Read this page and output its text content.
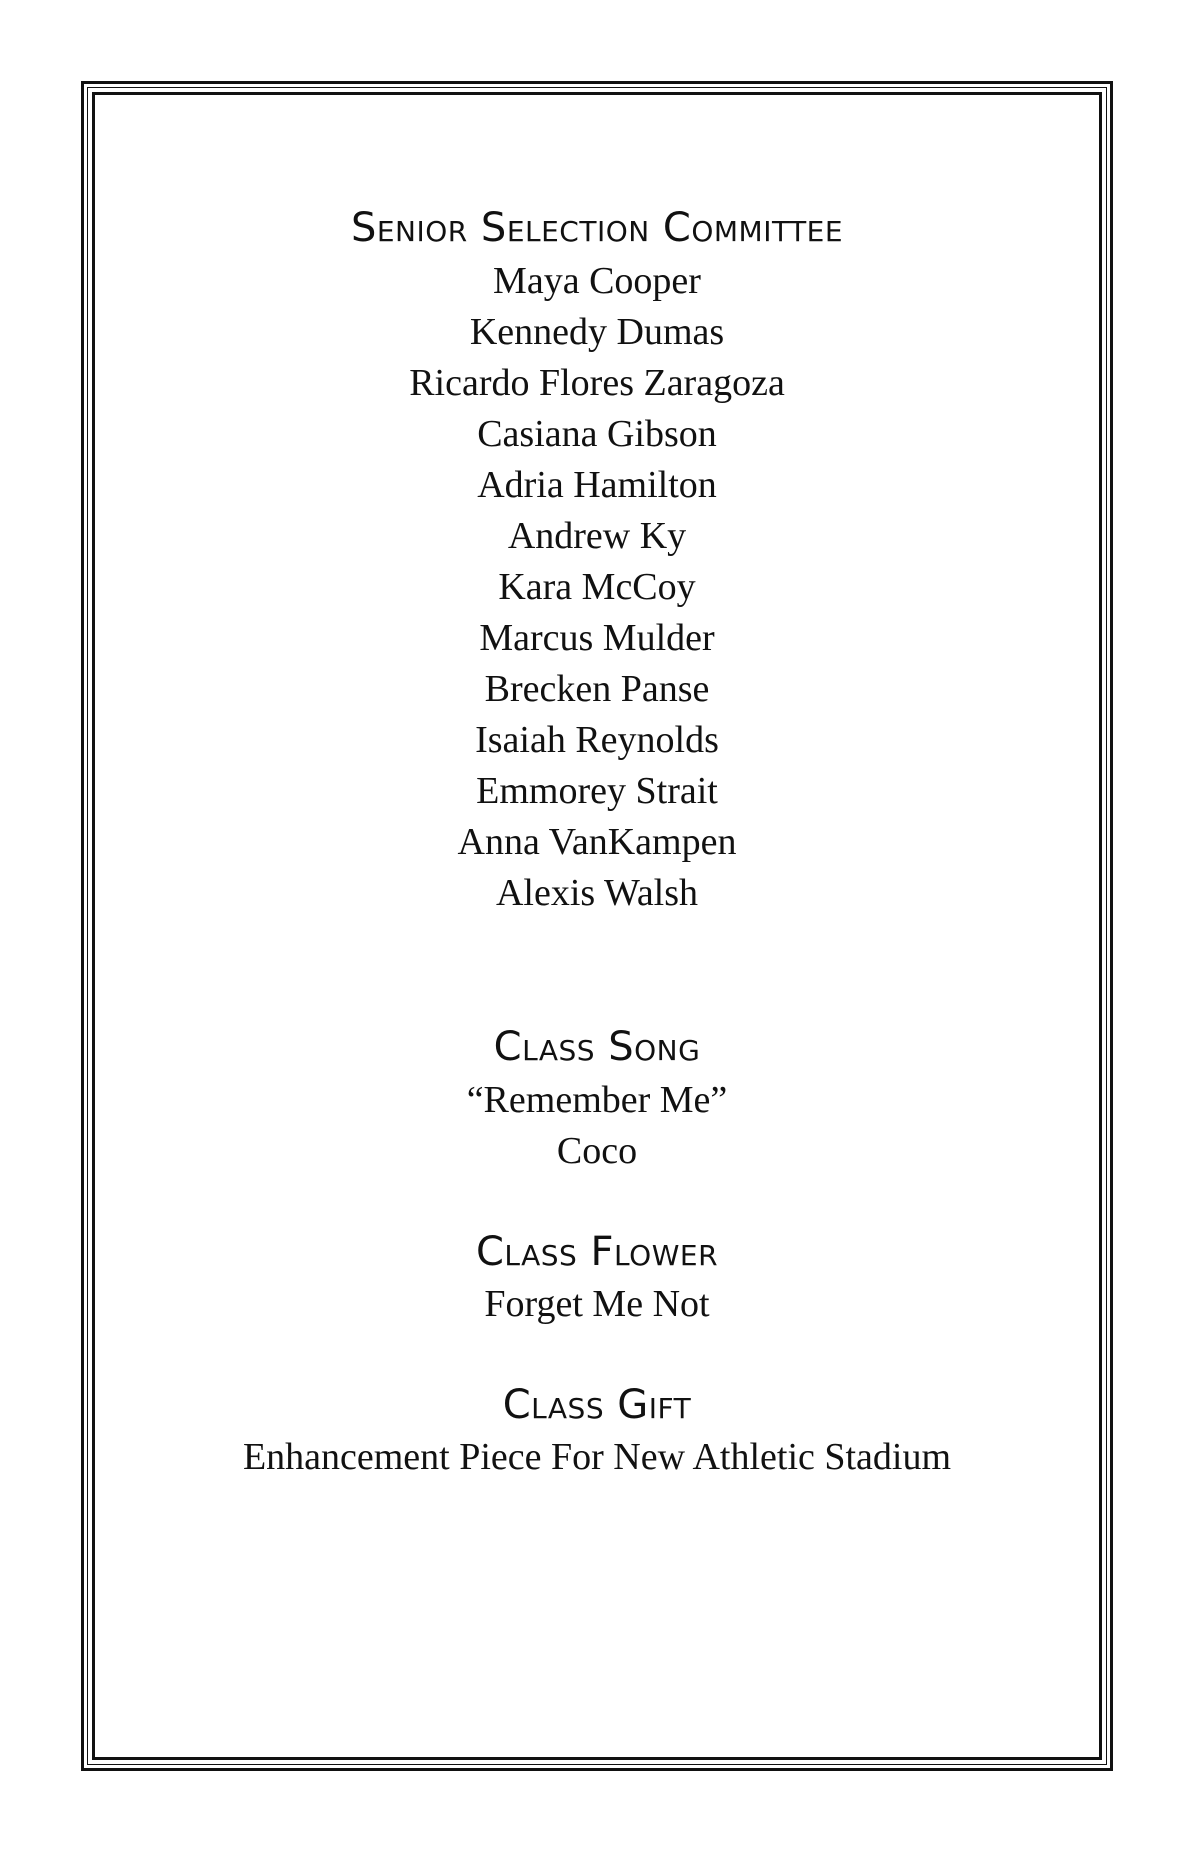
Senior Selection Committee
Maya Cooper
Kennedy Dumas
Ricardo Flores Zaragoza
Casiana Gibson
Adria Hamilton
Andrew Ky
Kara McCoy
Marcus Mulder
Brecken Panse
Isaiah Reynolds
Emmorey Strait
Anna VanKampen
Alexis Walsh
Class Song
“Remember Me”
Coco
Class Flower
Forget Me Not
Class Gift
Enhancement Piece For New Athletic Stadium
